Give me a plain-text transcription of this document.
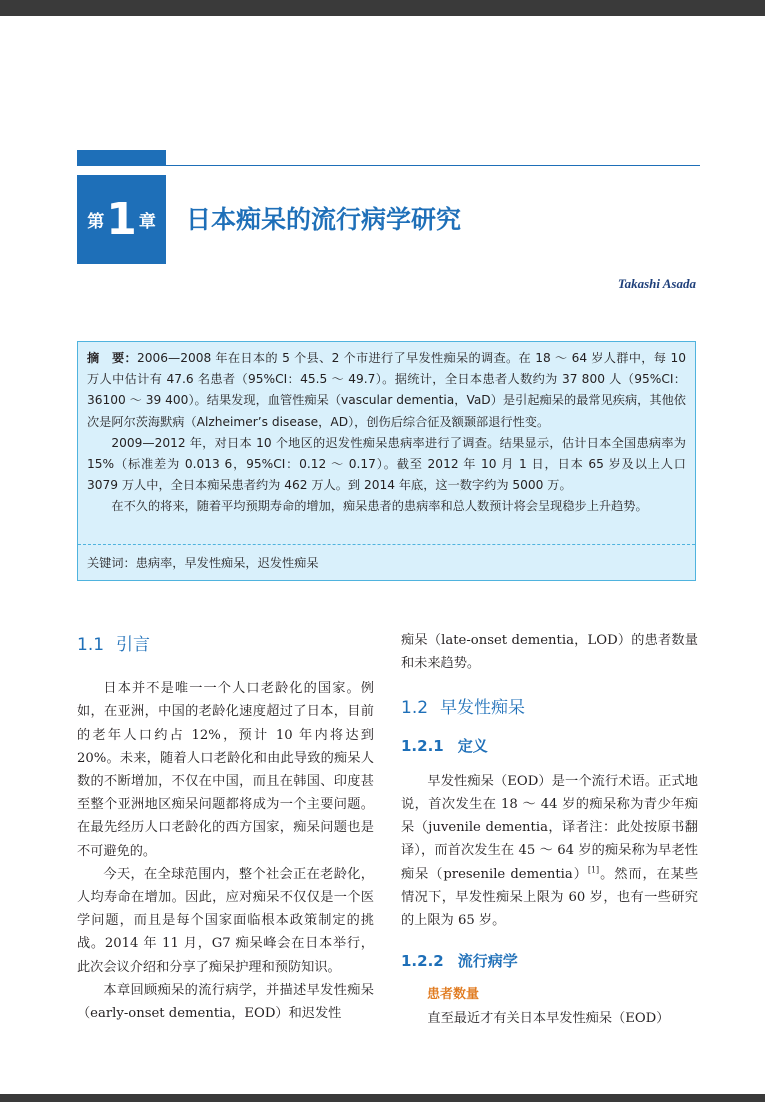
第 1 章 日本痴呆的流行病学研究
Takashi Asada

摘　要：2006—2008 年在日本的 5 个县、2 个市进行了早发性痴呆的调查。在 18 ～ 64 岁人群中，每 10 万人中估计有 47.6 名患者（95%CI：45.5 ～ 49.7）。据统计，全日本患者人数约为 37 800 人（95%CI：36100 ～ 39 400）。结果发现，血管性痴呆（vascular dementia，VaD）是引起痴呆的最常见疾病，其他依次是阿尔茨海默病（Alzheimer’s disease，AD），创伤后综合征及额颞部退行性变。

2009—2012 年，对日本 10 个地区的迟发性痴呆患病率进行了调查。结果显示，估计日本全国患病率为 15%（标准差为 0.013 6，95%CI：0.12 ～ 0.17）。截至 2012 年 10 月 1 日，日本 65 岁及以上人口 3079 万人中，全日本痴呆患者约为 462 万人。到 2014 年底，这一数字约为 5000 万。

在不久的将来，随着平均预期寿命的增加，痴呆患者的患病率和总人数预计将会呈现稳步上升趋势。

关键词：患病率，早发性痴呆，迟发性痴呆
1.1 引言

日本并不是唯一一个人口老龄化的国家。例如，在亚洲，中国的老龄化速度超过了日本，目前的老年人口约占 12%，预计 10 年内将达到 20%。未来，随着人口老龄化和由此导致的痴呆人数的不断增加，不仅在中国，而且在韩国、印度甚至整个亚洲地区痴呆问题都将成为一个主要问题。在最先经历人口老龄化的西方国家，痴呆问题也是不可避免的。

今天，在全球范围内，整个社会正在老龄化，人均寿命在增加。因此，应对痴呆不仅仅是一个医学问题，而且是每个国家面临根本政策制定的挑战。2014 年 11 月，G7 痴呆峰会在日本举行，此次会议介绍和分享了痴呆护理和预防知识。

本章回顾痴呆的流行病学，并描述早发性痴呆（early-onset dementia，EOD）和迟发性

痴呆（late-onset dementia，LOD）的患者数量和未来趋势。

1.2 早发性痴呆
1.2.1 定义

早发性痴呆（EOD）是一个流行术语。正式地说，首次发生在 18 ～ 44 岁的痴呆称为青少年痴呆（juvenile dementia，译者注：此处按原书翻译），而首次发生在 45 ～ 64 岁的痴呆称为早老性痴呆（presenile dementia）[1]。然而，在某些情况下，早发性痴呆上限为 60 岁，也有一些研究的上限为 65 岁。

1.2.2 流行病学
患者数量

直至最近才有关日本早发性痴呆（EOD）
